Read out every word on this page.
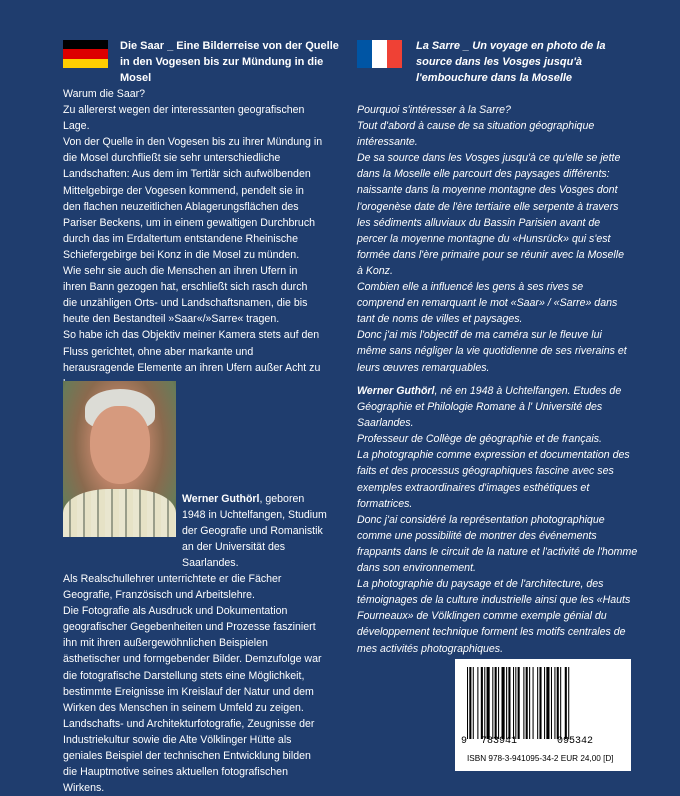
Die Saar _ Eine Bilderreise von der Quelle in den Vogesen bis zur Mündung in die Mosel
La Sarre _ Un voyage en photo de la source dans les Vosges jusqu'à l'embouchure dans la Moselle

Warum die Saar?

Zu allererst wegen der interessanten geografischen Lage.

Von der Quelle in den Vogesen bis zu ihrer Mündung in die Mosel durchfließt sie sehr unterschiedliche Landschaften: Aus dem im Tertiär sich aufwölbenden Mittelgebirge der Vogesen kommend, pendelt sie in den flachen neuzeitlichen Ablagerungsflächen des Pariser Beckens, um in einem gewaltigen Durchbruch durch das im Erdaltertum entstandene Rheinische Schiefergebirge bei Konz in die Mosel zu münden.

Wie sehr sie auch die Menschen an ihren Ufern in ihren Bann gezogen hat, erschließt sich rasch durch die unzähligen Orts- und Landschaftsnamen, die bis heute den Bestandteil »Saar«/»Sarre« tragen.

So habe ich das Objektiv meiner Kamera stets auf den Fluss gerichtet, ohne aber markante und herausragende Elemente an ihren Ufern außer Acht zu

Pourquoi s'intéresser à la Sarre?

Tout d'abord à cause de sa situation géographique intéressante.

De sa source dans les Vosges jusqu'à ce qu'elle se jette dans la Moselle elle parcourt des paysages différents: naissante dans la moyenne montagne des Vosges dont l'orogenèse date de l'ère tertiaire elle serpente à travers les sédiments alluviaux du Bassin Parisien avant de percer la moyenne montagne du «Hunsrück» qui s'est formée dans l'ère primaire pour se réunir avec la Moselle à Konz.

Combien elle a influencé les gens à ses rives se comprend en remarquant le mot «Saar» / «Sarre» dans tant de noms de villes et paysages.

Donc j'ai mis l'objectif de ma caméra sur le fleuve lui même sans négliger la vie quotidienne de ses riverains et leurs œuvres remarquables.

Werner Guthörl, geboren 1948 in Uchtelfangen, Studium der Geografie und Romanistik an der Universität des Saarlandes.

Als Realschullehrer unterrichtete er die Fächer Geografie, Französisch und Arbeitslehre.

Die Fotografie als Ausdruck und Dokumentation geografischer Gegebenheiten und Prozesse fasziniert ihn mit ihren außergewöhnlichen Beispielen ästhetischer und formgebender Bilder. Demzufolge war die fotografische Darstellung stets eine Möglichkeit, bestimmte Ereignisse im Kreislauf der Natur und dem Wirken des Menschen in seinem Umfeld zu zeigen. Landschafts- und Architekturfotografie, Zeugnisse der Industriekultur sowie die Alte Völklinger Hütte als geniales Beispiel der technischen Entwicklung bilden die Hauptmotive seines aktuellen fotografischen Wirkens.

Werner Guthörl, né en 1948 à Uchtelfangen. Etudes de Géographie et Philologie Romane à l' Université des Saarlandes.

Professeur de Collège de géographie et de français.

La photographie comme expression et documentation des faits et des processus géographiques fascine avec ses exemples extraordinaires d'images esthétiques et formatrices.

Donc j'ai considéré la représentation photographique comme une possibilité de montrer des événements frappants dans le circuit de la nature et l'activité de l'homme dans son environnement.

La photographie du paysage et de l'architecture, des témoignages de la culture industrielle ainsi que les «Hauts Fourneaux» de Völklingen comme exemple génial du développement technique forment les motifs centrales de mes activités photographiques.

9 783941	095342
ISBN 978-3-941095-34-2 EUR 24,00 [D]
